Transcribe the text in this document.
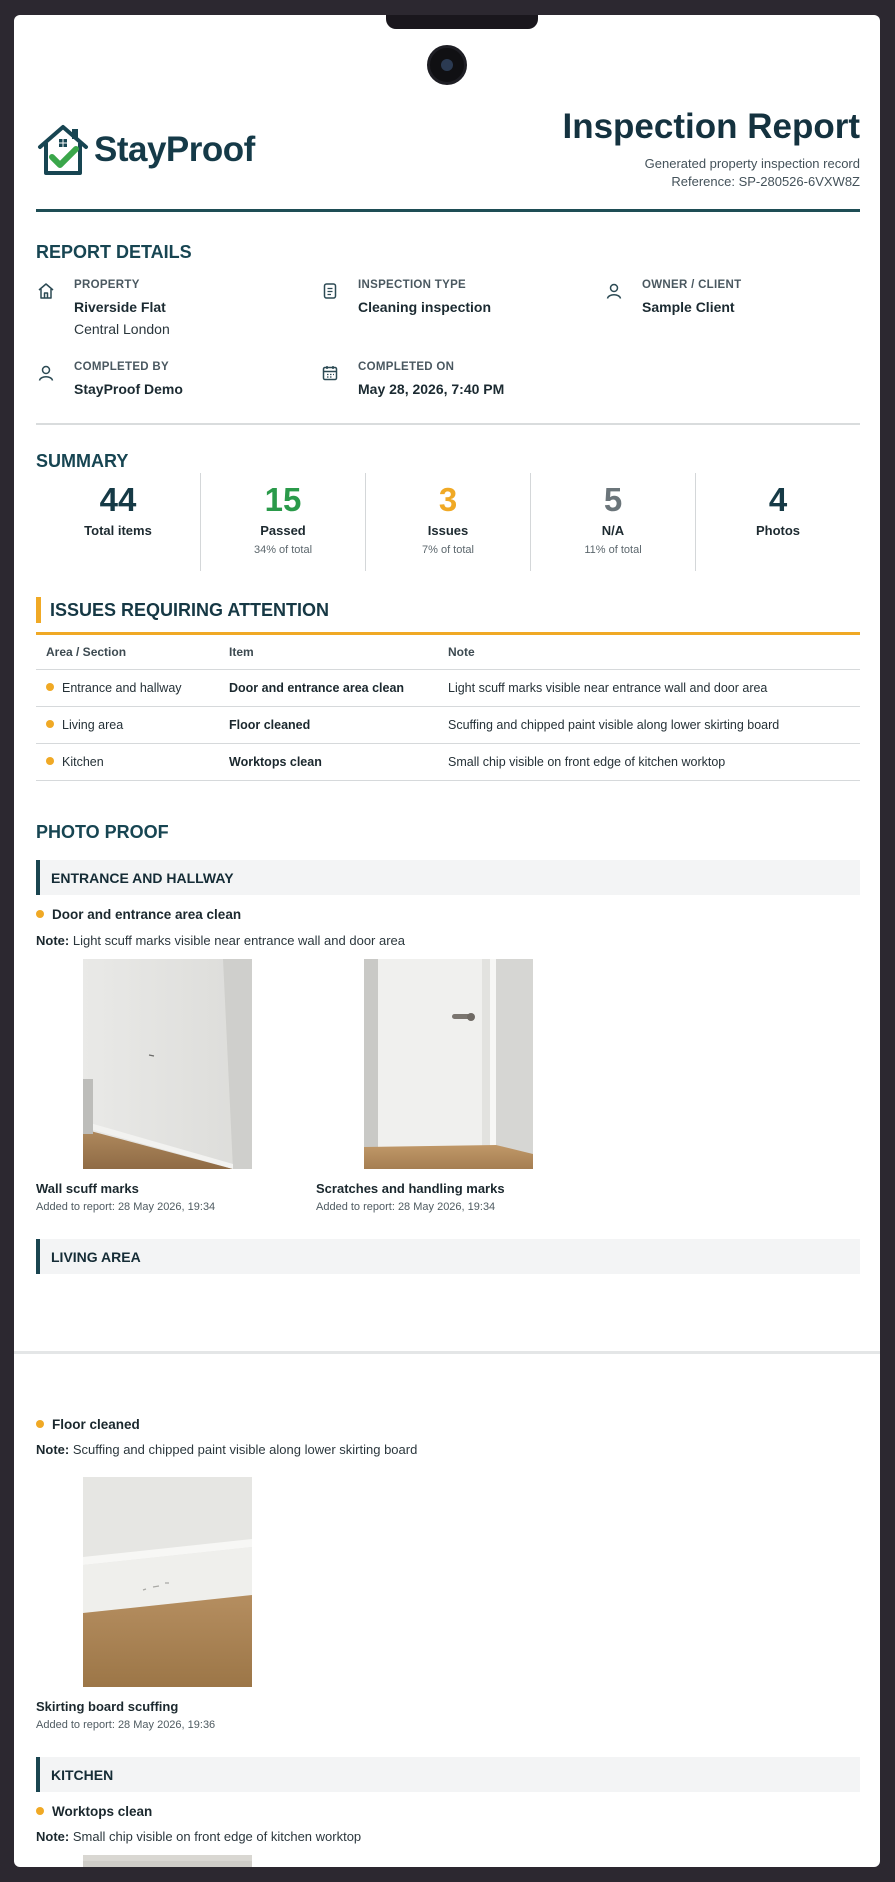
StayProof
Inspection Report
Generated property inspection record
Reference: SP-280526-6VXW8Z
REPORT DETAILS
PROPERTY
Riverside Flat
Central London
INSPECTION TYPE
Cleaning inspection
OWNER / CLIENT
Sample Client
COMPLETED BY
StayProof Demo
COMPLETED ON
May 28, 2026, 7:40 PM
SUMMARY
44
Total items
15
Passed
34% of total
3
Issues
7% of total
5
N/A
11% of total
4
Photos
ISSUES REQUIRING ATTENTION
Area / Section	Item	Note
Entrance and hallway	Door and entrance area clean	Light scuff marks visible near entrance wall and door area
Living area	Floor cleaned	Scuffing and chipped paint visible along lower skirting board
Kitchen	Worktops clean	Small chip visible on front edge of kitchen worktop
PHOTO PROOF
ENTRANCE AND HALLWAY
Door and entrance area clean
Note: Light scuff marks visible near entrance wall and door area
Wall scuff marks
Added to report: 28 May 2026, 19:34
Scratches and handling marks
Added to report: 28 May 2026, 19:34
LIVING AREA
Floor cleaned
Note: Scuffing and chipped paint visible along lower skirting board
Skirting board scuffing
Added to report: 28 May 2026, 19:36
KITCHEN
Worktops clean
Note: Small chip visible on front edge of kitchen worktop
